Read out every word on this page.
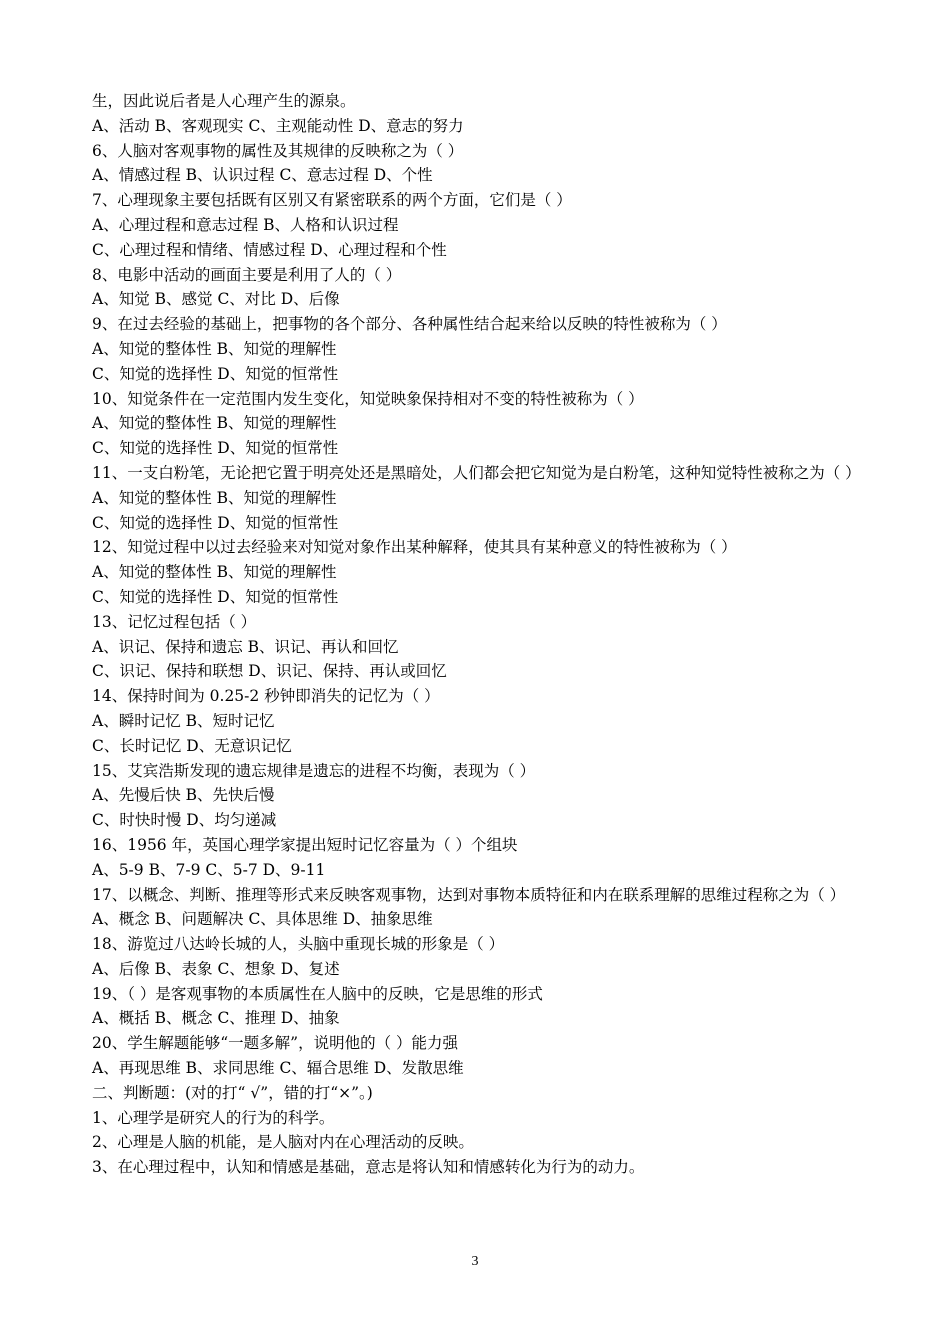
生，因此说后者是人心理产生的源泉。
A、活动 B、客观现实 C、主观能动性 D、意志的努力
6、人脑对客观事物的属性及其规律的反映称之为（ ）
A、情感过程 B、认识过程 C、意志过程 D、个性
7、心理现象主要包括既有区别又有紧密联系的两个方面，它们是（ ）
A、心理过程和意志过程 B、人格和认识过程
C、心理过程和情绪、情感过程 D、心理过程和个性
8、电影中活动的画面主要是利用了人的（ ）
A、知觉 B、感觉 C、对比 D、后像
9、在过去经验的基础上，把事物的各个部分、各种属性结合起来给以反映的特性被称为（ ）
A、知觉的整体性 B、知觉的理解性
C、知觉的选择性 D、知觉的恒常性
10、知觉条件在一定范围内发生变化，知觉映象保持相对不变的特性被称为（ ）
A、知觉的整体性 B、知觉的理解性
C、知觉的选择性 D、知觉的恒常性
11、一支白粉笔，无论把它置于明亮处还是黑暗处，人们都会把它知觉为是白粉笔，这种知觉特性被称之为（ ）
A、知觉的整体性 B、知觉的理解性
C、知觉的选择性 D、知觉的恒常性
12、知觉过程中以过去经验来对知觉对象作出某种解释，使其具有某种意义的特性被称为（ ）
A、知觉的整体性 B、知觉的理解性
C、知觉的选择性 D、知觉的恒常性
13、记忆过程包括（ ）
A、识记、保持和遗忘 B、识记、再认和回忆
C、识记、保持和联想 D、识记、保持、再认或回忆
14、保持时间为 0.25-2 秒钟即消失的记忆为（ ）
A、瞬时记忆 B、短时记忆
C、长时记忆 D、无意识记忆
15、艾宾浩斯发现的遗忘规律是遗忘的进程不均衡，表现为（ ）
A、先慢后快 B、先快后慢
C、时快时慢 D、均匀递减
16、1956 年，英国心理学家提出短时记忆容量为（ ）个组块
A、5-9 B、7-9 C、5-7 D、9-11
17、以概念、判断、推理等形式来反映客观事物，达到对事物本质特征和内在联系理解的思维过程称之为（ ）
A、概念 B、问题解决 C、具体思维 D、抽象思维
18、游览过八达岭长城的人，头脑中重现长城的形象是（ ）
A、后像 B、表象 C、想象 D、复述
19、（ ）是客观事物的本质属性在人脑中的反映，它是思维的形式
A、概括 B、概念 C、推理 D、抽象
20、学生解题能够“一题多解”，说明他的（ ）能力强
A、再现思维 B、求同思维 C、辐合思维 D、发散思维
二、判断题：(对的打“ √”，错的打“×”。)
1、心理学是研究人的行为的科学。
2、心理是人脑的机能，是人脑对内在心理活动的反映。
3、在心理过程中，认知和情感是基础，意志是将认知和情感转化为行为的动力。
3
